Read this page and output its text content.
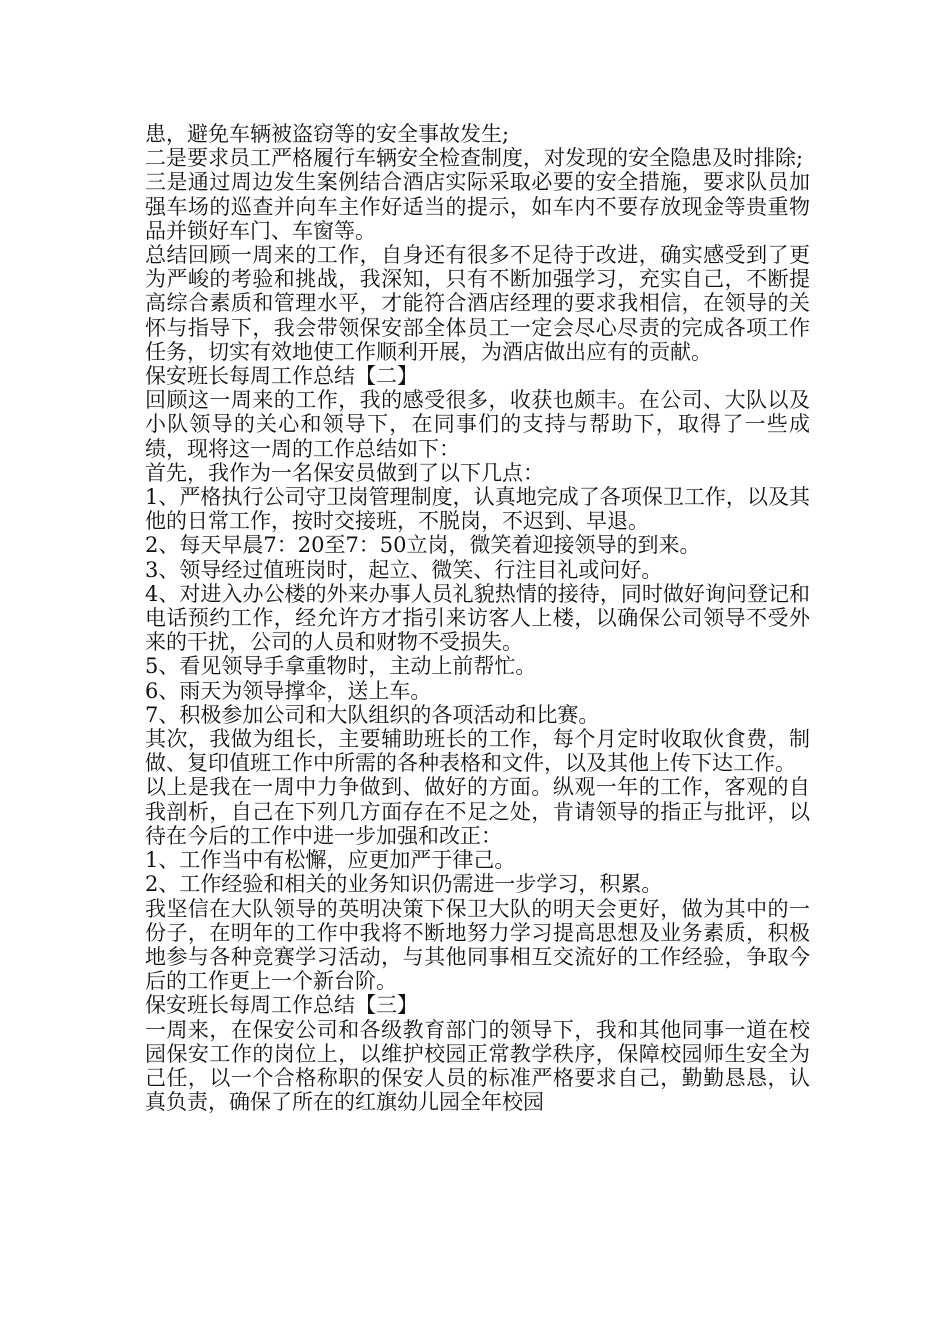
患，避免车辆被盗窃等的安全事故发生;

二是要求员工严格履行车辆安全检查制度，对发现的安全隐患及时排除;

三是通过周边发生案例结合酒店实际采取必要的安全措施，要求队员加强车场的巡查并向车主作好适当的提示，如车内不要存放现金等贵重物品并锁好车门、车窗等。

总结回顾一周来的工作，自身还有很多不足待于改进，确实感受到了更为严峻的考验和挑战，我深知，只有不断加强学习，充实自己，不断提高综合素质和管理水平，才能符合酒店经理的要求我相信，在领导的关怀与指导下，我会带领保安部全体员工一定会尽心尽责的完成各项工作任务，切实有效地使工作顺利开展，为酒店做出应有的贡献。

保安班长每周工作总结【二】

回顾这一周来的工作，我的感受很多，收获也颇丰。在公司、大队以及小队领导的关心和领导下，在同事们的支持与帮助下，取得了一些成绩，现将这一周的工作总结如下：

首先，我作为一名保安员做到了以下几点：

1、严格执行公司守卫岗管理制度，认真地完成了各项保卫工作，以及其他的日常工作，按时交接班，不脱岗，不迟到、早退。

2、每天早晨7：20至7：50立岗，微笑着迎接领导的到来。

3、领导经过值班岗时，起立、微笑、行注目礼或问好。

4、对进入办公楼的外来办事人员礼貌热情的接待，同时做好询问登记和电话预约工作，经允许方才指引来访客人上楼，以确保公司领导不受外来的干扰，公司的人员和财物不受损失。

5、看见领导手拿重物时，主动上前帮忙。

6、雨天为领导撑伞，送上车。

7、积极参加公司和大队组织的各项活动和比赛。

其次，我做为组长，主要辅助班长的工作，每个月定时收取伙食费，制做、复印值班工作中所需的各种表格和文件，以及其他上传下达工作。

以上是我在一周中力争做到、做好的方面。纵观一年的工作，客观的自我剖析，自己在下列几方面存在不足之处，肯请领导的指正与批评，以待在今后的工作中进一步加强和改正：

1、工作当中有松懈，应更加严于律己。

2、工作经验和相关的业务知识仍需进一步学习，积累。

我坚信在大队领导的英明决策下保卫大队的明天会更好，做为其中的一份子，在明年的工作中我将不断地努力学习提高思想及业务素质，积极地参与各种竞赛学习活动，与其他同事相互交流好的工作经验，争取今后的工作更上一个新台阶。

保安班长每周工作总结【三】

一周来，在保安公司和各级教育部门的领导下，我和其他同事一道在校园保安工作的岗位上，以维护校园正常教学秩序，保障校园师生安全为己任，以一个合格称职的保安人员的标准严格要求自己，勤勤恳恳，认真负责，确保了所在的红旗幼儿园全年校园
